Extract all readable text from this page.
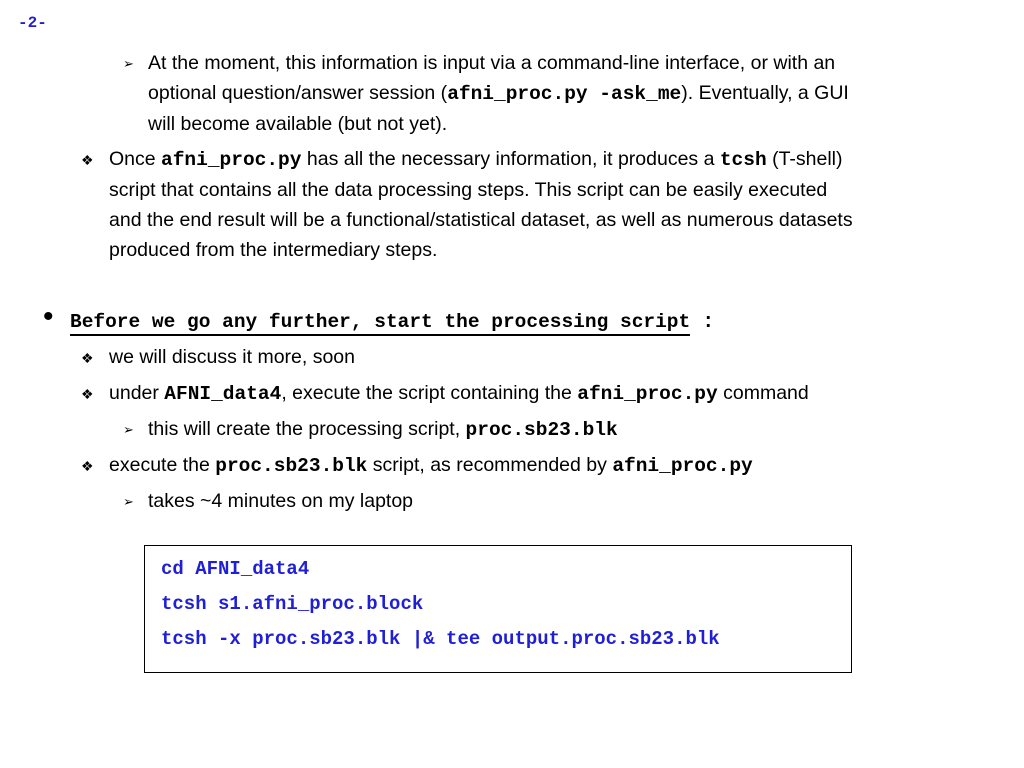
-2-
➢ At the moment, this information is input via a command-line interface, or with an
optional question/answer session (afni_proc.py -ask_me). Eventually, a GUI
will become available (but not yet).
❖ Once afni_proc.py has all the necessary information, it produces a tcsh (T-shell)
script that contains all the data processing steps. This script can be easily executed
and the end result will be a functional/statistical dataset, as well as numerous datasets
produced from the intermediary steps.
• Before we go any further, start the processing script :
❖ we will discuss it more, soon
❖ under AFNI_data4, execute the script containing the afni_proc.py command
➢ this will create the processing script, proc.sb23.blk
❖ execute the proc.sb23.blk script, as recommended by afni_proc.py
➢ takes ~4 minutes on my laptop
cd AFNI_data4
tcsh s1.afni_proc.block
tcsh -x proc.sb23.blk |& tee output.proc.sb23.blk
